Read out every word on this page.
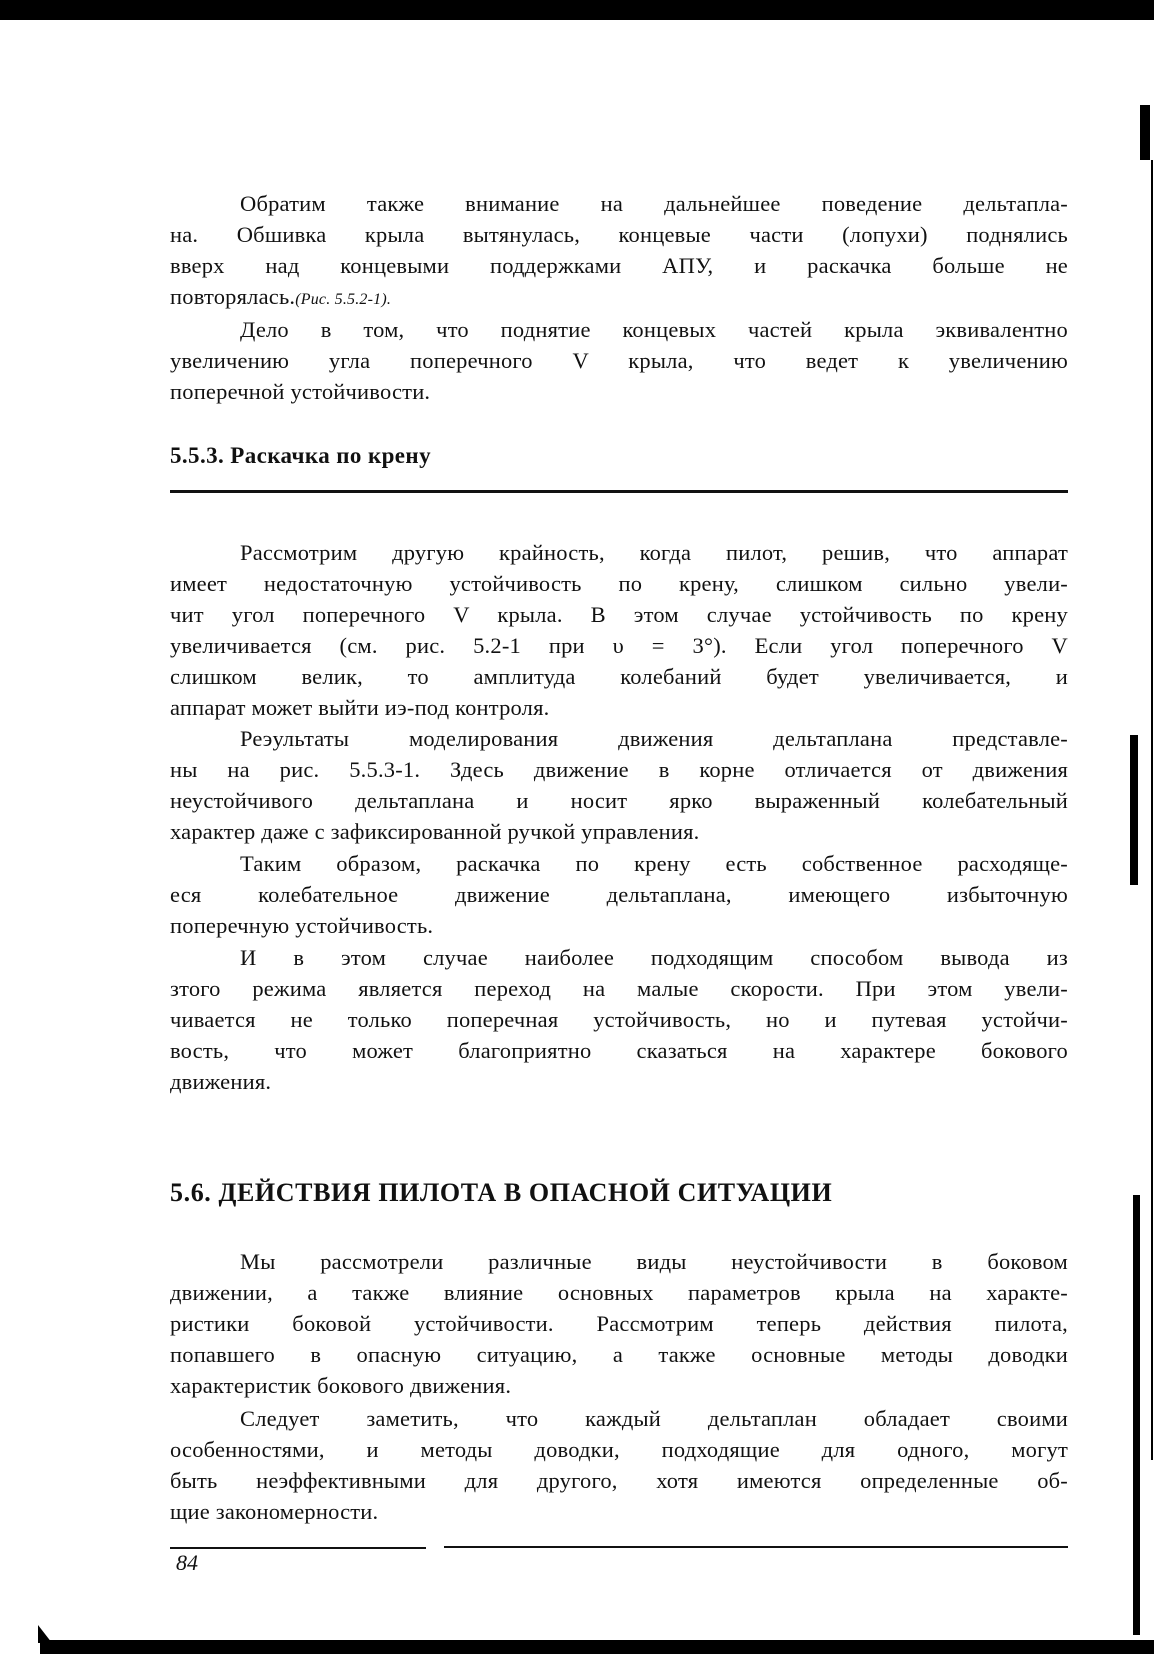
Обратим также внимание на дальнейшее поведение дельтапла-
на. Обшивка крыла вытянулась, концевые части (лопухи) поднялись
вверх над концевыми поддержками АПУ, и раскачка больше не
повторялась.(Рис. 5.5.2-1).
Дело в том, что поднятие концевых частей крыла эквивалентно
увеличению угла поперечного V крыла, что ведет к увеличению
поперечной устойчивости.
5.5.3. Раскачка по крену
Рассмотрим другую крайность, когда пилот, решив, что аппарат
имеет недостаточную устойчивость по крену, слишком сильно увели-
чит угол поперечного V крыла. В этом случае устойчивость по крену
увеличивается (см. рис. 5.2-1 при υ = 3°). Если угол поперечного V
слишком велик, то амплитуда колебаний будет увеличивается, и
аппарат может выйти иэ-под контроля.
Реэультаты моделирования движения дельтаплана представле-
ны на рис. 5.5.3-1. Здесь движение в корне отличается от движения
неустойчивого дельтаплана и носит ярко выраженный колебательный
характер даже с зафиксированной ручкой управления.
Таким образом, раскачка по крену есть собственное расходяще-
еся колебательное движение дельтаплана, имеющего избыточную
поперечную устойчивость.
И в этом случае наиболее подходящим способом вывода из
зтого режима является переход на малые скорости. При этом увели-
чивается не только поперечная устойчивость, но и путевая устойчи-
вость, что может благоприятно сказаться на характере бокового
движения.
5.6. ДЕЙСТВИЯ ПИЛОТА В ОПАСНОЙ СИТУАЦИИ
Мы рассмотрели различные виды неустойчивости в боковом
движении, а также влияние основных параметров крыла на характе-
ристики боковой устойчивости. Рассмотрим теперь действия пилота,
попавшего в опасную ситуацию, а также основные методы доводки
характеристик бокового движения.
Следует заметить, что каждый дельтаплан обладает своими
особенностями, и методы доводки, подходящие для одного, могут
быть неэффективными для другого, хотя имеются определенные об-
щие закономерности.
84
